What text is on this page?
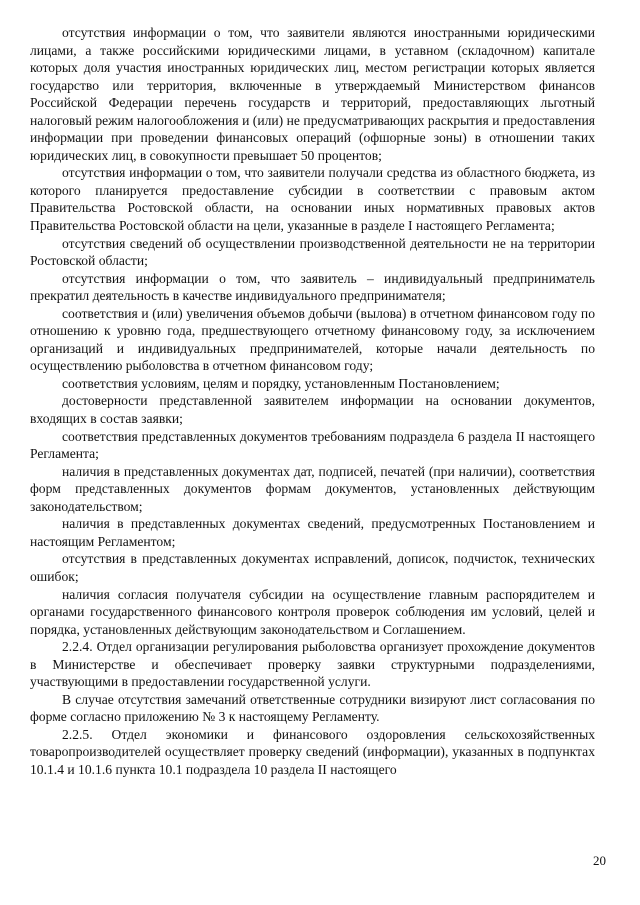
отсутствия информации о том, что заявители являются иностранными юридическими лицами, а также российскими юридическими лицами, в уставном (складочном) капитале которых доля участия иностранных юридических лиц, местом регистрации которых является государство или территория, включенные в утверждаемый Министерством финансов Российской Федерации перечень государств и территорий, предоставляющих льготный налоговый режим налогообложения и (или) не предусматривающих раскрытия и предоставления информации при проведении финансовых операций (офшорные зоны) в отношении таких юридических лиц, в совокупности превышает 50 процентов;

отсутствия информации о том, что заявители получали средства из областного бюджета, из которого планируется предоставление субсидии в соответствии с правовым актом Правительства Ростовской области, на основании иных нормативных правовых актов Правительства Ростовской области на цели, указанные в разделе I настоящего Регламента;

отсутствия сведений об осуществлении производственной деятельности не на территории Ростовской области;

отсутствия информации о том, что заявитель – индивидуальный предприниматель прекратил деятельность в качестве индивидуального предпринимателя;

соответствия и (или) увеличения объемов добычи (вылова) в отчетном финансовом году по отношению к уровню года, предшествующего отчетному финансовому году, за исключением организаций и индивидуальных предпринимателей, которые начали деятельность по осуществлению рыболовства в отчетном финансовом году;

соответствия условиям, целям и порядку, установленным Постановлением;

достоверности представленной заявителем информации на основании документов, входящих в состав заявки;

соответствия представленных документов требованиям подраздела 6 раздела II настоящего Регламента;

наличия в представленных документах дат, подписей, печатей (при наличии), соответствия форм представленных документов формам документов, установленных действующим законодательством;

наличия в представленных документах сведений, предусмотренных Постановлением и настоящим Регламентом;

отсутствия в представленных документах исправлений, дописок, подчисток, технических ошибок;

наличия согласия получателя субсидии на осуществление главным распорядителем и органами государственного финансового контроля проверок соблюдения им условий, целей и порядка, установленных действующим законодательством и Соглашением.

2.2.4. Отдел организации регулирования рыболовства организует прохождение документов в Министерстве и обеспечивает проверку заявки структурными подразделениями, участвующими в предоставлении государственной услуги.

В случае отсутствия замечаний ответственные сотрудники визируют лист согласования по форме согласно приложению № 3 к настоящему Регламенту.

2.2.5. Отдел экономики и финансового оздоровления сельскохозяйственных товаропроизводителей осуществляет проверку сведений (информации), указанных в подпунктах 10.1.4 и 10.1.6 пункта 10.1 подраздела 10 раздела II настоящего

20
